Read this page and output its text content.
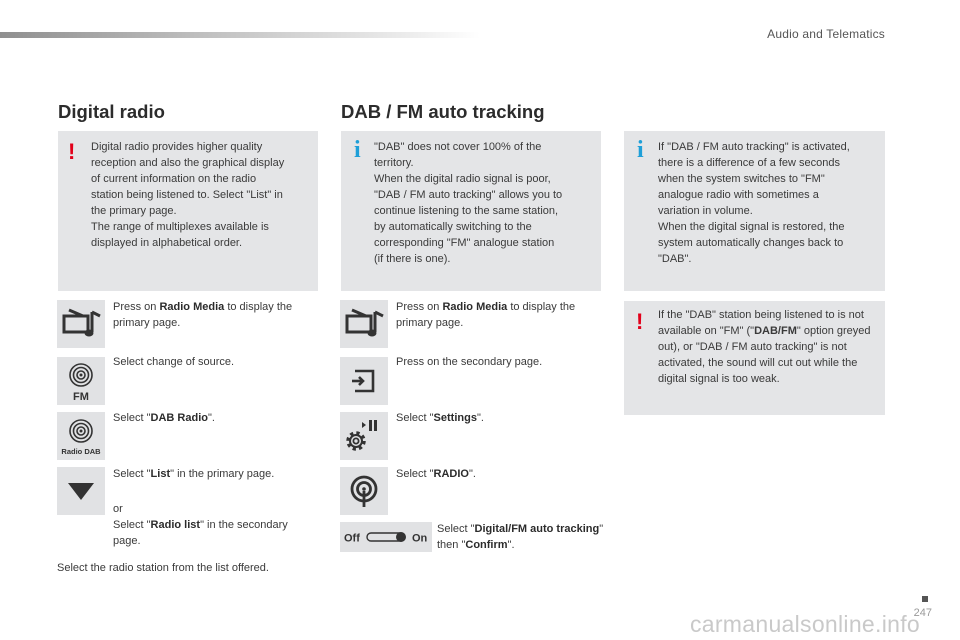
Audio and Telematics
Digital radio
! Digital radio provides higher quality
reception and also the graphical display
of current information on the radio
station being listened to. Select "List" in
the primary page.
The range of multiplexes available is
displayed in alphabetical order.
Press on Radio Media to display the primary page.
FM
Select change of source.
Radio DAB
Select "DAB Radio".
Select "List" in the primary page.
or
Select "Radio list" in the secondary page.
Select the radio station from the list offered.
DAB / FM auto tracking
i "DAB" does not cover 100% of the
territory.
When the digital radio signal is poor,
"DAB / FM auto tracking" allows you to
continue listening to the same station,
by automatically switching to the
corresponding "FM" analogue station
(if there is one).
i If "DAB / FM auto tracking" is activated,
there is a difference of a few seconds
when the system switches to "FM"
analogue radio with sometimes a
variation in volume.
When the digital signal is restored, the
system automatically changes back to
"DAB".
! If the "DAB" station being listened to is not available on "FM" ("DAB/FM" option greyed out), or "DAB / FM auto tracking" is not activated, the sound will cut out while the digital signal is too weak.
Press on Radio Media to display the primary page.
Press on the secondary page.
Select "Settings".
Select "RADIO".
Off	On
Select "Digital/FM auto tracking" then "Confirm".
247
carmanualsonline.info
